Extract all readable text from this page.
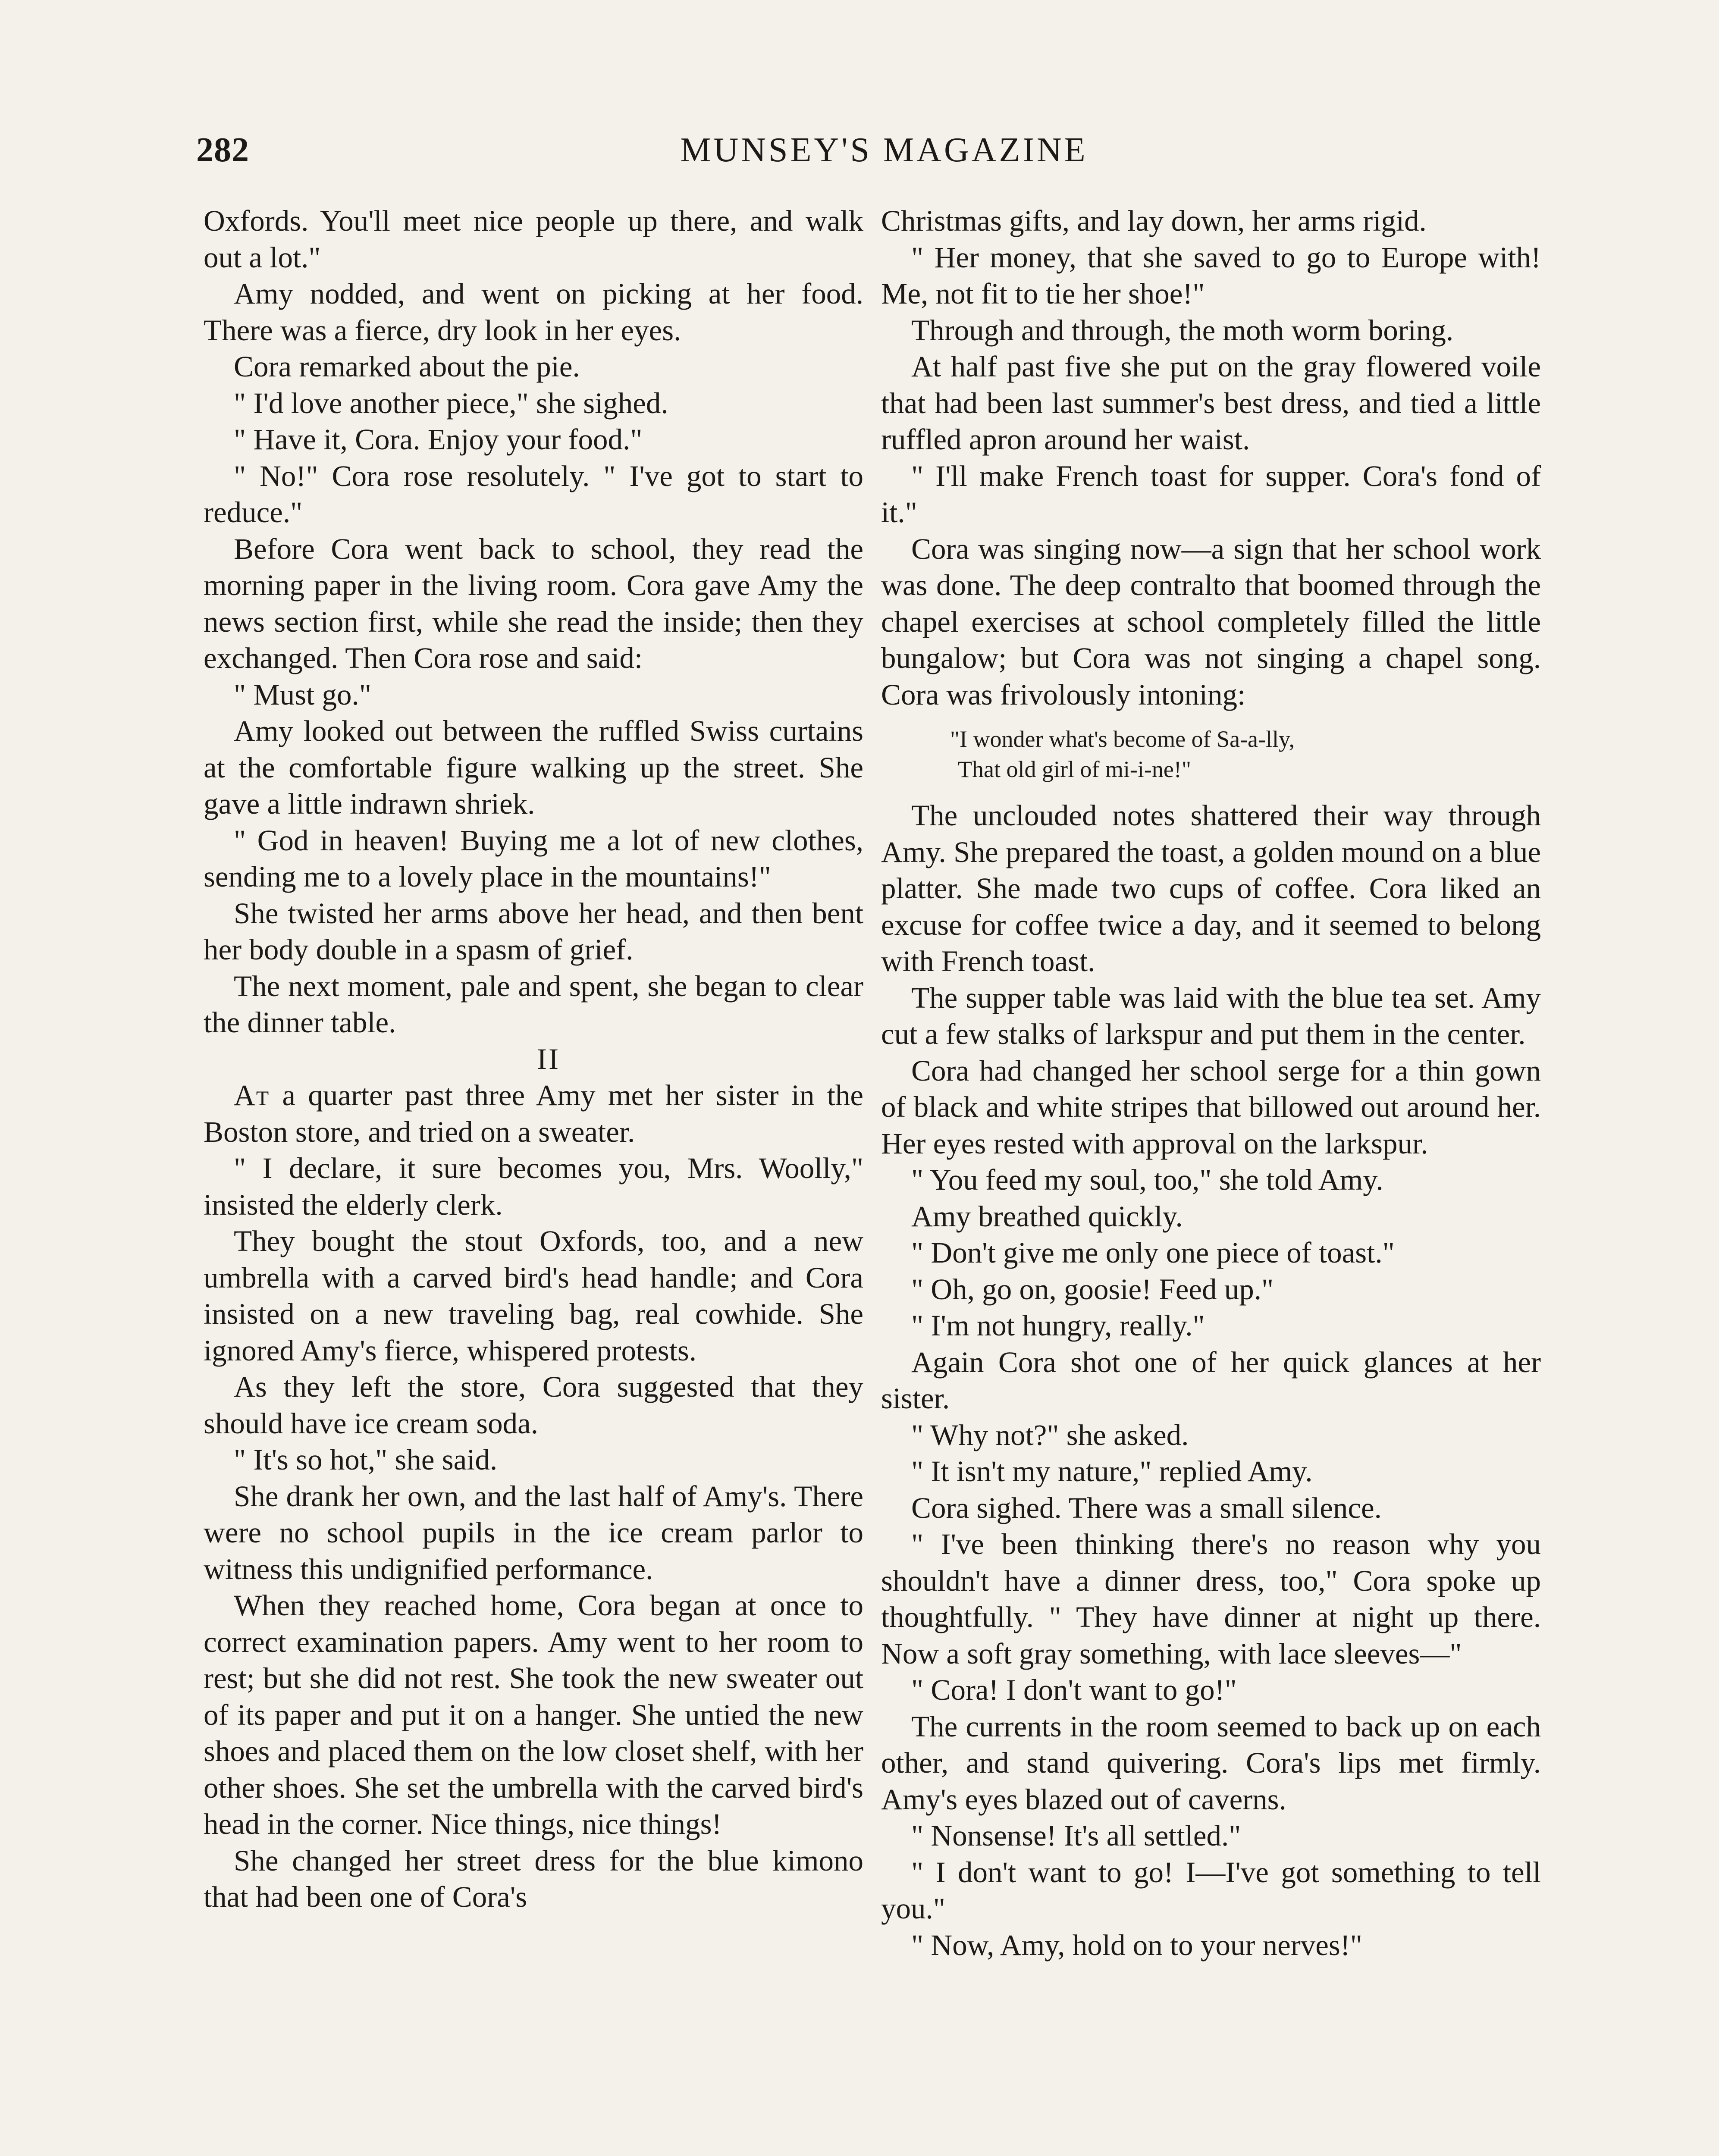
282	MUNSEY'S MAGAZINE

Oxfords. You'll meet nice people up there, and walk out a lot."

Amy nodded, and went on picking at her food. There was a fierce, dry look in her eyes.

Cora remarked about the pie.

" I'd love another piece," she sighed.

" Have it, Cora. Enjoy your food."

" No!" Cora rose resolutely. " I've got to start to reduce."

Before Cora went back to school, they read the morning paper in the living room. Cora gave Amy the news section first, while she read the inside; then they exchanged. Then Cora rose and said:

" Must go."

Amy looked out between the ruffled Swiss curtains at the comfortable figure walking up the street. She gave a little indrawn shriek.

" God in heaven! Buying me a lot of new clothes, sending me to a lovely place in the mountains!"

She twisted her arms above her head, and then bent her body double in a spasm of grief.

The next moment, pale and spent, she began to clear the dinner table.

II

At a quarter past three Amy met her sister in the Boston store, and tried on a sweater.

" I declare, it sure becomes you, Mrs. Woolly," insisted the elderly clerk.

They bought the stout Oxfords, too, and a new umbrella with a carved bird's head handle; and Cora insisted on a new traveling bag, real cowhide. She ignored Amy's fierce, whispered protests.

As they left the store, Cora suggested that they should have ice cream soda.

" It's so hot," she said.

She drank her own, and the last half of Amy's. There were no school pupils in the ice cream parlor to witness this undignified performance.

When they reached home, Cora began at once to correct examination papers. Amy went to her room to rest; but she did not rest. She took the new sweater out of its paper and put it on a hanger. She untied the new shoes and placed them on the low closet shelf, with her other shoes. She set the umbrella with the carved bird's head in the corner. Nice things, nice things!

She changed her street dress for the blue kimono that had been one of Cora's

Christmas gifts, and lay down, her arms rigid.

" Her money, that she saved to go to Europe with! Me, not fit to tie her shoe!"

Through and through, the moth worm boring.

At half past five she put on the gray flowered voile that had been last summer's best dress, and tied a little ruffled apron around her waist.

" I'll make French toast for supper. Cora's fond of it."

Cora was singing now—a sign that her school work was done. The deep contralto that boomed through the chapel exercises at school completely filled the little bungalow; but Cora was not singing a chapel song. Cora was frivolously intoning:

"I wonder what's become of Sa-a-lly,

That old girl of mi-i-ne!"

The unclouded notes shattered their way through Amy. She prepared the toast, a golden mound on a blue platter. She made two cups of coffee. Cora liked an excuse for coffee twice a day, and it seemed to belong with French toast.

The supper table was laid with the blue tea set. Amy cut a few stalks of larkspur and put them in the center.

Cora had changed her school serge for a thin gown of black and white stripes that billowed out around her. Her eyes rested with approval on the larkspur.

" You feed my soul, too," she told Amy.

Amy breathed quickly.

" Don't give me only one piece of toast."

" Oh, go on, goosie! Feed up."

" I'm not hungry, really."

Again Cora shot one of her quick glances at her sister.

" Why not?" she asked.

" It isn't my nature," replied Amy.

Cora sighed. There was a small silence.

" I've been thinking there's no reason why you shouldn't have a dinner dress, too," Cora spoke up thoughtfully. " They have dinner at night up there. Now a soft gray something, with lace sleeves—"

" Cora! I don't want to go!"

The currents in the room seemed to back up on each other, and stand quivering. Cora's lips met firmly. Amy's eyes blazed out of caverns.

" Nonsense! It's all settled."

" I don't want to go! I—I've got something to tell you."

" Now, Amy, hold on to your nerves!"
